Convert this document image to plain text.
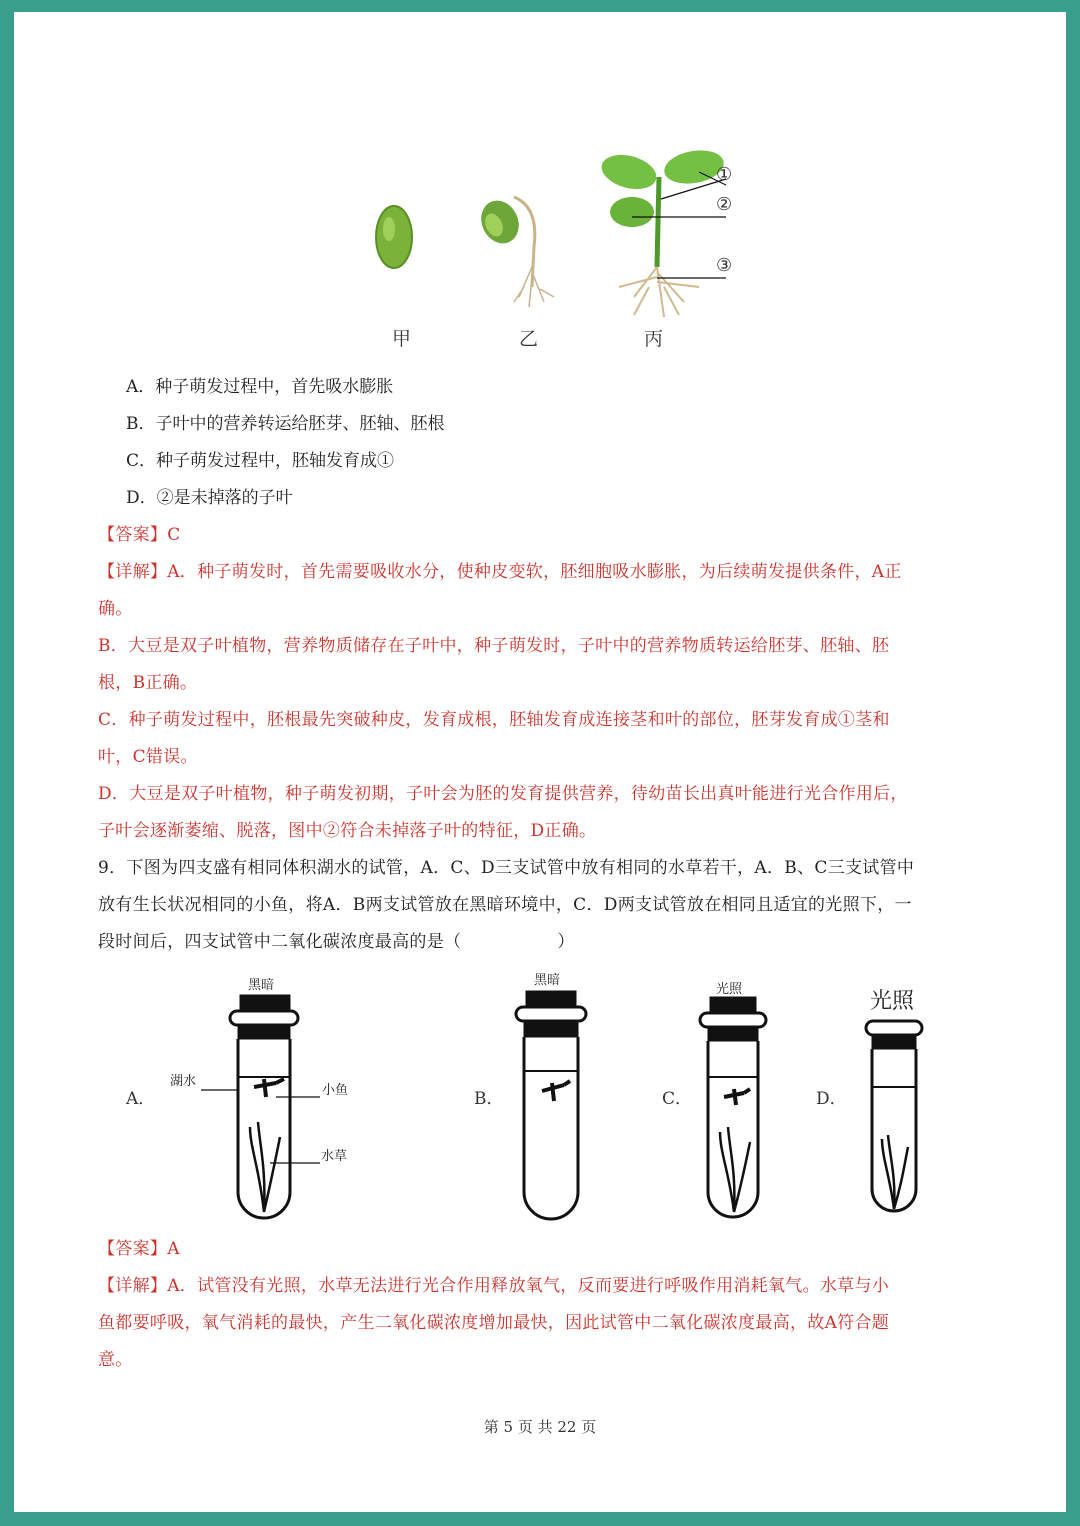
①
②
③
甲	乙	丙
A．种子萌发过程中，首先吸水膨胀
B．子叶中的营养转运给胚芽、胚轴、胚根
C．种子萌发过程中，胚轴发育成①
D．②是未掉落的子叶
【答案】C
【详解】A．种子萌发时，首先需要吸收水分，使种皮变软，胚细胞吸水膨胀，为后续萌发提供条件，A正
确。
B．大豆是双子叶植物，营养物质储存在子叶中，种子萌发时，子叶中的营养物质转运给胚芽、胚轴、胚
根，B正确。
C．种子萌发过程中，胚根最先突破种皮，发育成根，胚轴发育成连接茎和叶的部位，胚芽发育成①茎和
叶，C错误。
D．大豆是双子叶植物，种子萌发初期，子叶会为胚的发育提供营养，待幼苗长出真叶能进行光合作用后，
子叶会逐渐萎缩、脱落，图中②符合未掉落子叶的特征，D正确。
9．下图为四支盛有相同体积湖水的试管，A．C、D三支试管中放有相同的水草若干，A．B、C三支试管中
放有生长状况相同的小鱼，将A．B两支试管放在黑暗环境中，C．D两支试管放在相同且适宜的光照下，一
段时间后，四支试管中二氧化碳浓度最高的是（	）
A．	B．	C．	D．
黑暗	黑暗
光照	光照
湖水
小鱼
水草
【答案】A
【详解】A．试管没有光照，水草无法进行光合作用释放氧气，反而要进行呼吸作用消耗氧气。水草与小
鱼都要呼吸，氧气消耗的最快，产生二氧化碳浓度增加最快，因此试管中二氧化碳浓度最高，故A符合题
意。
第 5 页 共 22 页
